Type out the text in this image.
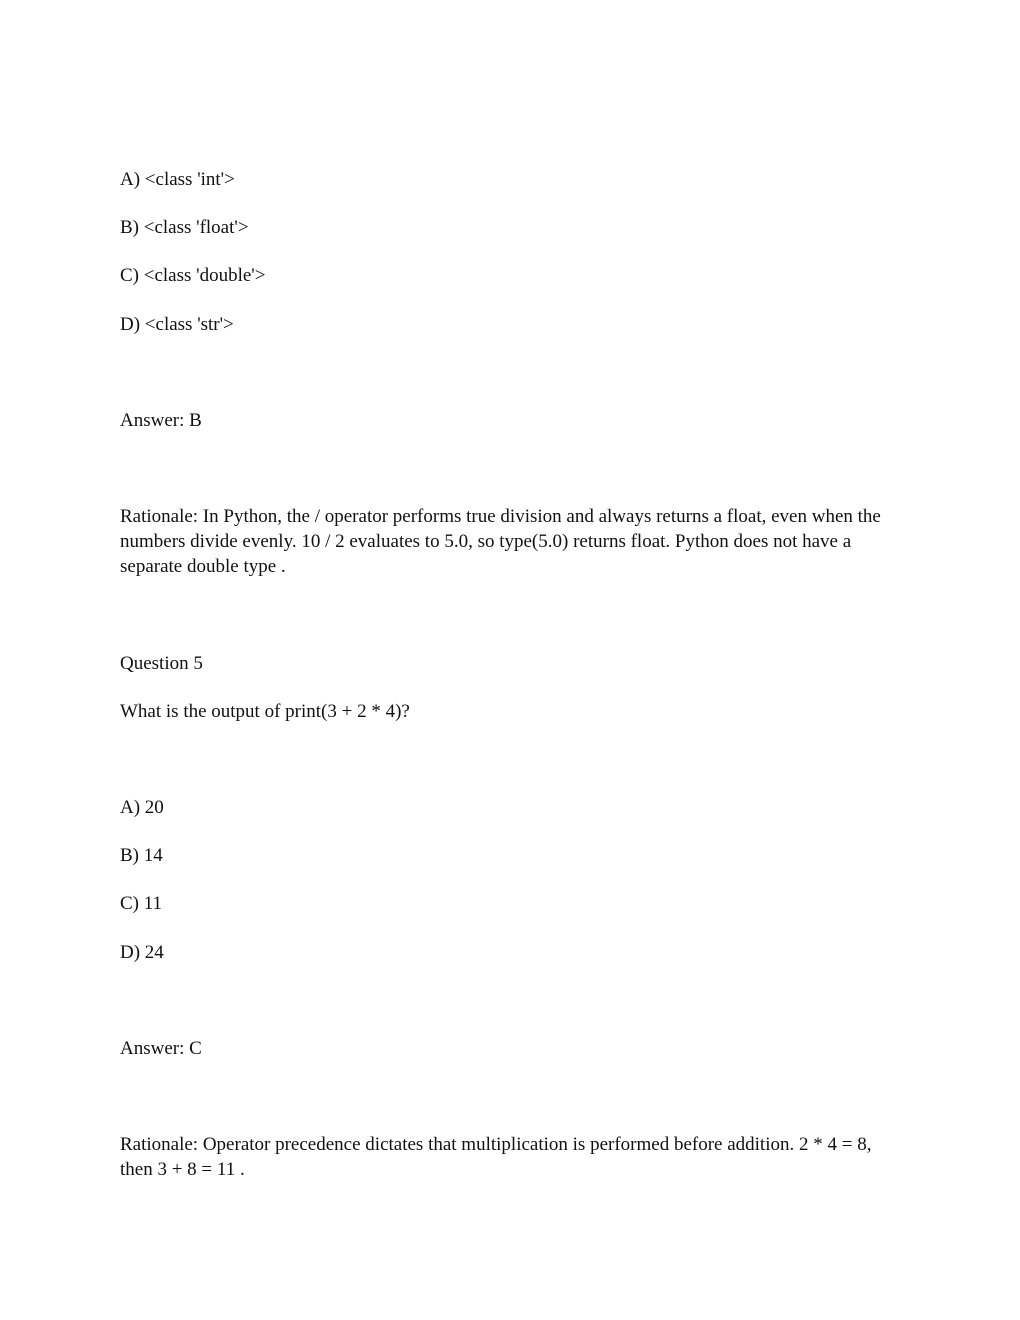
A) <class 'int'>
B) <class 'float'>
C) <class 'double'>
D) <class 'str'>
Answer: B
Rationale: In Python, the / operator performs true division and always returns a float, even when the numbers divide evenly. 10 / 2 evaluates to 5.0, so type(5.0) returns float. Python does not have a separate double type .
Question 5
What is the output of print(3 + 2 * 4)?
A) 20
B) 14
C) 11
D) 24
Answer: C
Rationale: Operator precedence dictates that multiplication is performed before addition. 2 * 4 = 8, then 3 + 8 = 11 .
